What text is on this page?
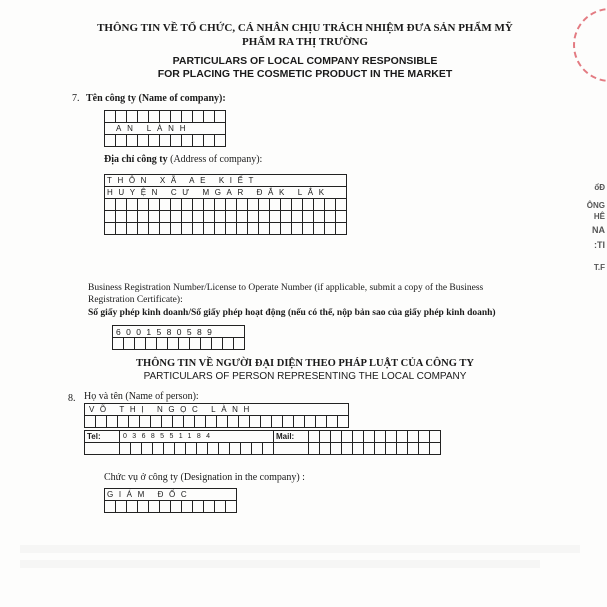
THÔNG TIN VỀ TỔ CHỨC, CÁ NHÂN CHỊU TRÁCH NHIỆM ĐƯA SẢN PHẨM MỸ
PHẨM RA THỊ TRƯỜNG
PARTICULARS OF LOCAL COMPANY RESPONSIBLE
FOR PLACING THE COSMETIC PRODUCT IN THE MARKET
7. Tên công ty (Name of company):

AN LÀNH										

Địa chỉ công ty (Address of company):
THÔN XÃ AE KIẾT																					
HUYỆN CƯ MGAR ĐẮK LẮK																					

Business Registration Number/License to Operate Number (if applicable, submit a copy of the Business
Registration Certificate):
Số giấy phép kinh doanh/Số giấy phép hoạt động (nếu có thể, nộp bản sao của giấy phép kinh doanh)
6001580589

THÔNG TIN VỀ NGƯỜI ĐẠI DIỆN THEO PHÁP LUẬT CỦA CÔNG TY
PARTICULARS OF PERSON REPRESENTING THE LOCAL COMPANY
8. Họ và tên (Name of person):
VÕ THỊ NGỌC LÀNH

Tel:	0368551184														Mail:												

Chức vụ ở công ty (Designation in the company) :
GIÁM ĐỐC

ổĐ
ÔNG
HÊ
NA
:TI
T.F
